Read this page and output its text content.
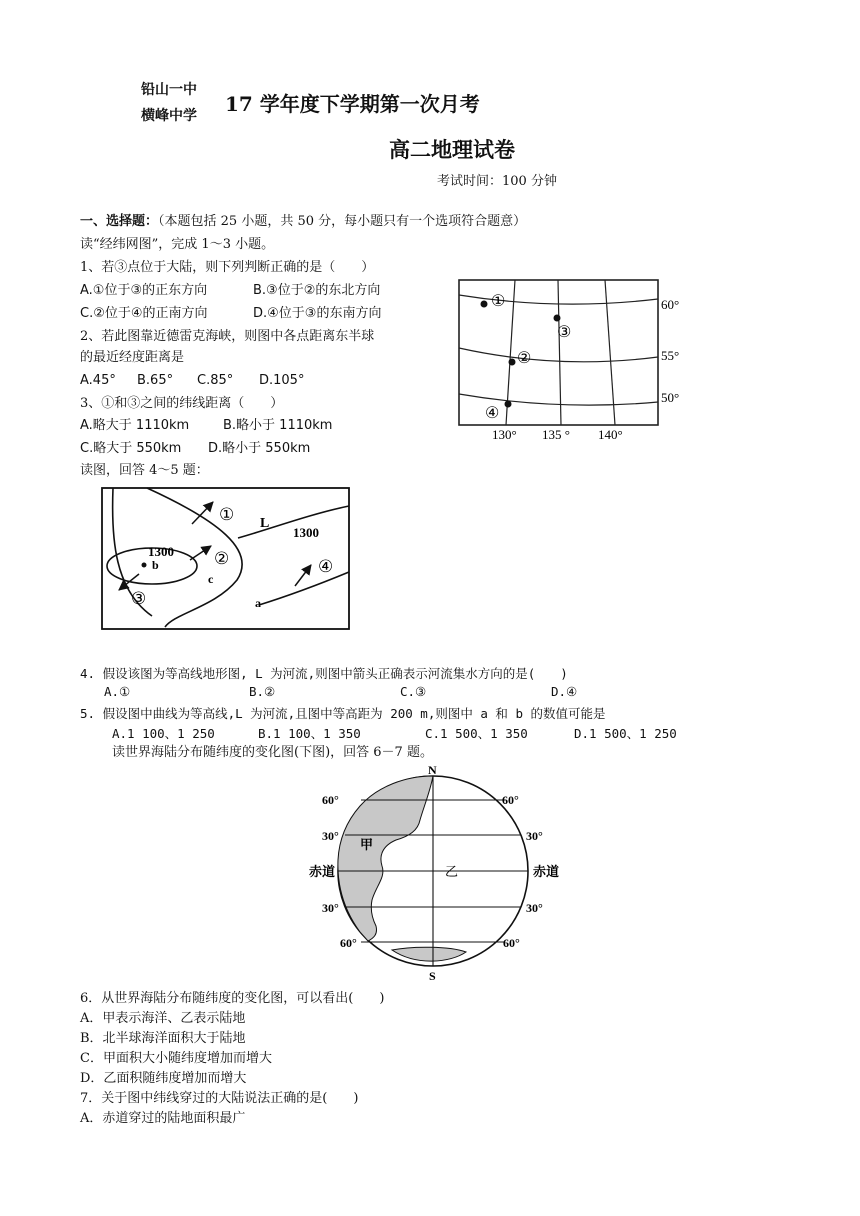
铅山一中
横峰中学 17 学年度下学期第一次月考
高二地理试卷
考试时间：100 分钟
一、选择题：（本题包括 25 小题，共 50 分，每小题只有一个选项符合题意）
读“经纬网图”，完成 1～3 小题。
1、若③点位于大陆，则下列判断正确的是（　　）
A.①位于③的正东方向	B.③位于②的东北方向
C.②位于④的正南方向	D.④位于③的东南方向
2、若此图靠近德雷克海峡，则图中各点距离东半球
的最近经度距离是
A.45° B.65° C.85° D.105°
3、①和③之间的纬线距离（　　）
A.略大于 1110km	B.略小于 1110km
C.略大于 550km D.略小于 550km
读图，回答 4～5 题：
①
③
②
④
60°
55°
50°
130° 135 ° 140°
①
②
③
④
1300
1300
L
b
c
a
4. 假设该图为等高线地形图, L 为河流,则图中箭头正确表示河流集水方向的是(　　)
A.①	B.②	C.③	D.④
5. 假设图中曲线为等高线,L 为河流,且图中等高距为 200 m,则图中 a 和 b 的数值可能是
A.1 100、1 250	B.1 100、1 350	C.1 500、1 350	D.1 500、1 250
读世界海陆分布随纬度的变化图(下图)，回答 6－7 题。
N
S
60°	60°
30°	30°
赤道	赤道
30°	30°
60°	60°
甲
乙
6．从世界海陆分布随纬度的变化图，可以看出(　　)
A．甲表示海洋、乙表示陆地
B．北半球海洋面积大于陆地
C．甲面积大小随纬度增加而增大
D．乙面积随纬度增加而增大
7．关于图中纬线穿过的大陆说法正确的是(　　)
A．赤道穿过的陆地面积最广
